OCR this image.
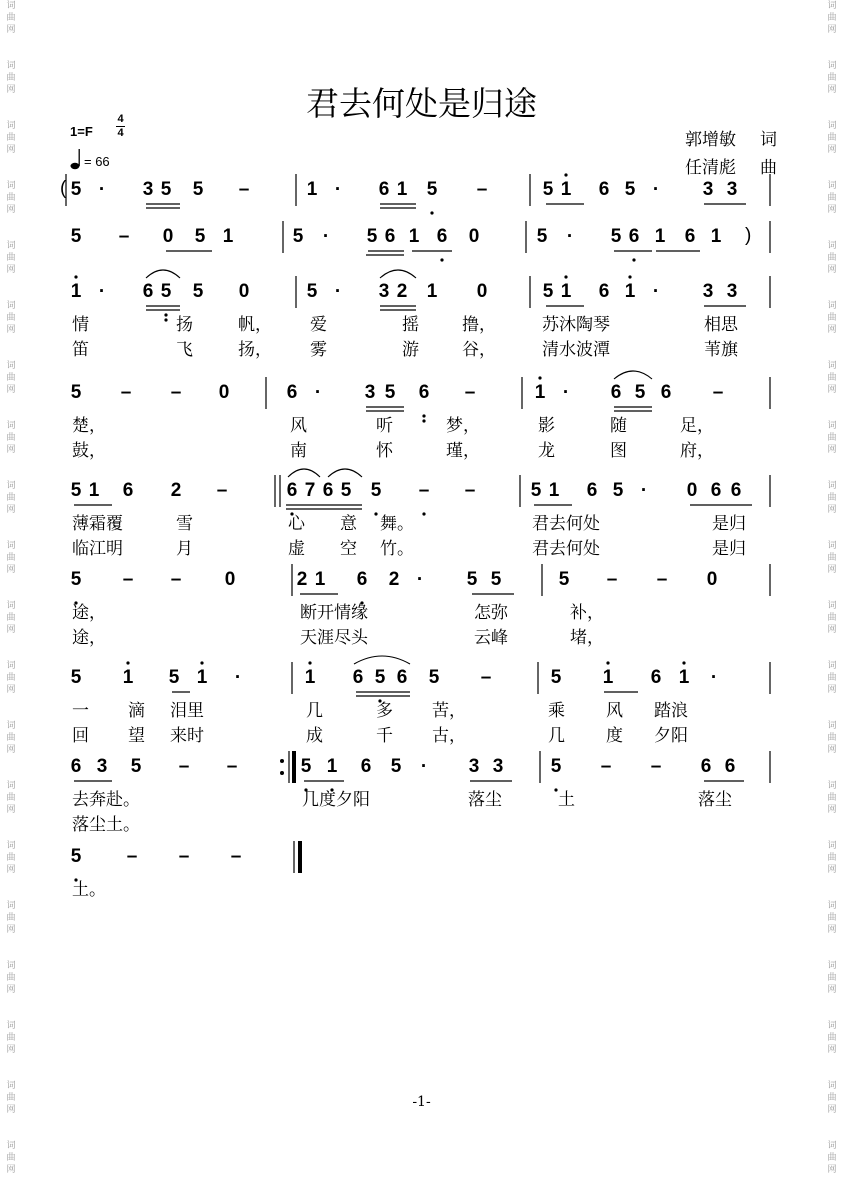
词
曲
网
词
曲
网
词
曲
网
词
曲
网
词
曲
网
词
曲
网
词
曲
网
词
曲
网
词
曲
网
词
曲
网
词
曲
网
词
曲
网
词
曲
网
词
曲
网
词
曲
网
词
曲
网
词
曲
网
词
曲
网
词
曲
网
词
曲
网
词
曲
网
词
曲
网
词
曲
网
词
曲
网
词
曲
网
词
曲
网
词
曲
网
词
曲
网
词
曲
网
词
曲
网
词
曲
网
词
曲
网
词
曲
网
词
曲
网
词
曲
网
词
曲
网
词
曲
网
词
曲
网
词
曲
网
词
曲
网
君去何处是归途
1=F
4
4
= 66
郭增敏 词
任清彪 曲
5 · 3 5 5 –	1 · 6 1 5 –	5 1 6 5 · 3 3
5 – 0 5 1	5 · 5 6 1 6 0	5 · 5 6 1 6 1
1 · 6 5 5 0	5 · 3 2 1 0	5 1 6 1 · 3 3
情	扬	帆， 爱	摇	撸，	苏沐陶琴	相思
笛	飞	扬， 雾	游	谷，	清水波潭	苇旗
5 – – 0	6 · 3 5 6 –	1 · 6 5 6 –
楚，	风	听	梦，	影	随	足，
鼓，	南	怀	瑾，	龙	图	府，
5 1 6 2 –	6 7 6 5 5 – –	5 1 6 5 · 0 6 6
薄霜覆	雪	心 意 舞。	君去何处	是归
临江明	月	虚 空 竹。	君去何处	是归
5 – – 0	2 1 6 2 · 5 5	5 – – 0
途，	断开情缘	怎弥	补，
途，	天涯尽头	云峰	堵，
5 1 5 1 ·	1 6 5 6 5 –	5 1 6 1 ·
一 滴 泪里	几	多 苦，	乘 风 踏浪
回 望 来时	成	千 古，	几 度 夕阳
6 3 5 – –	5 1 6 5 · 3 3 5 – – 6 6
去奔赴。	几度夕阳	落尘	土	落尘
落尘土。
5 – – –
土。
(
)
-1-
